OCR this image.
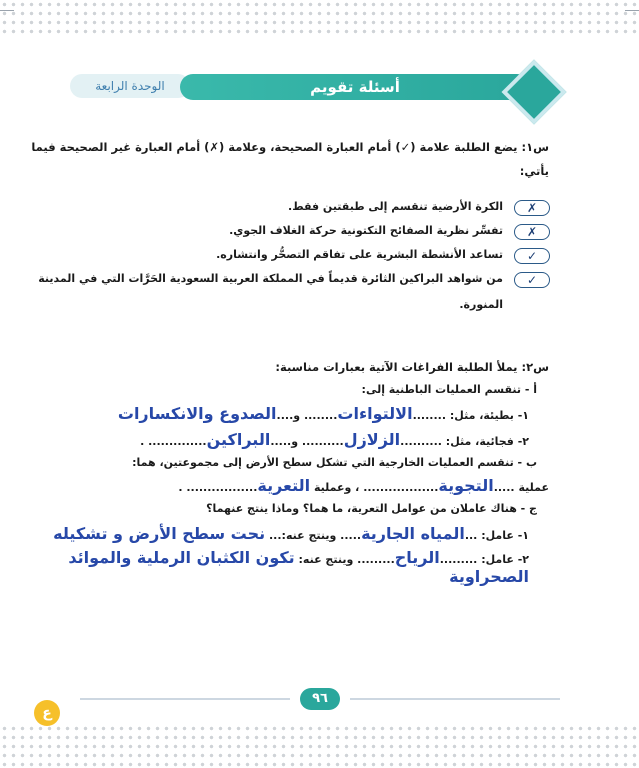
الوحدة الرابعة	أسئلة تقويم
س١: يضع الطلبة علامة (✓) أمام العبارة الصحيحة، وعلامة (✗) أمام العبارة غير الصحيحة فيما
يأتي:
✗
الكرة الأرضية تنقسم إلى طبقتين فقط.
✗
تفسِّر نظرية الصفائح التكتونية حركة الغلاف الجوي.
✓
تساعد الأنشطة البشرية على تفاقم التصحُّر وانتشاره.
✓
من شواهد البراكين الثائرة قديماً في المملكة العربية السعودية الحَرَّات التي في المدينة
المنورة.
س٢: يملأ الطلبة الفراغات الآتية بعبارات مناسبة:
أ - تنقسم العمليات الباطنية إلى:
١- بطيئة، مثل: ........الالتواءات........ و....الصدوع والانكسارات
٢- فجائية، مثل: ..........الزلازل.......... و.....البراكين.............. .
ب - تنقسم العمليات الخارجية التي تشكل سطح الأرض إلى مجموعتين، هما:
عملية .....التجوية.................. ، وعملية التعرية................. .
ج - هناك عاملان من عوامل التعرية، ما هما؟ وماذا ينتج عنهما؟
١- عامل: ...المياه الجارية..... وينتج عنه:... نحت سطح الأرض و تشكيله
٢- عامل: .........الرياح......... وينتج عنه: تكون الكثبان الرملية والموائد الصحراوية
٩٦
ع
